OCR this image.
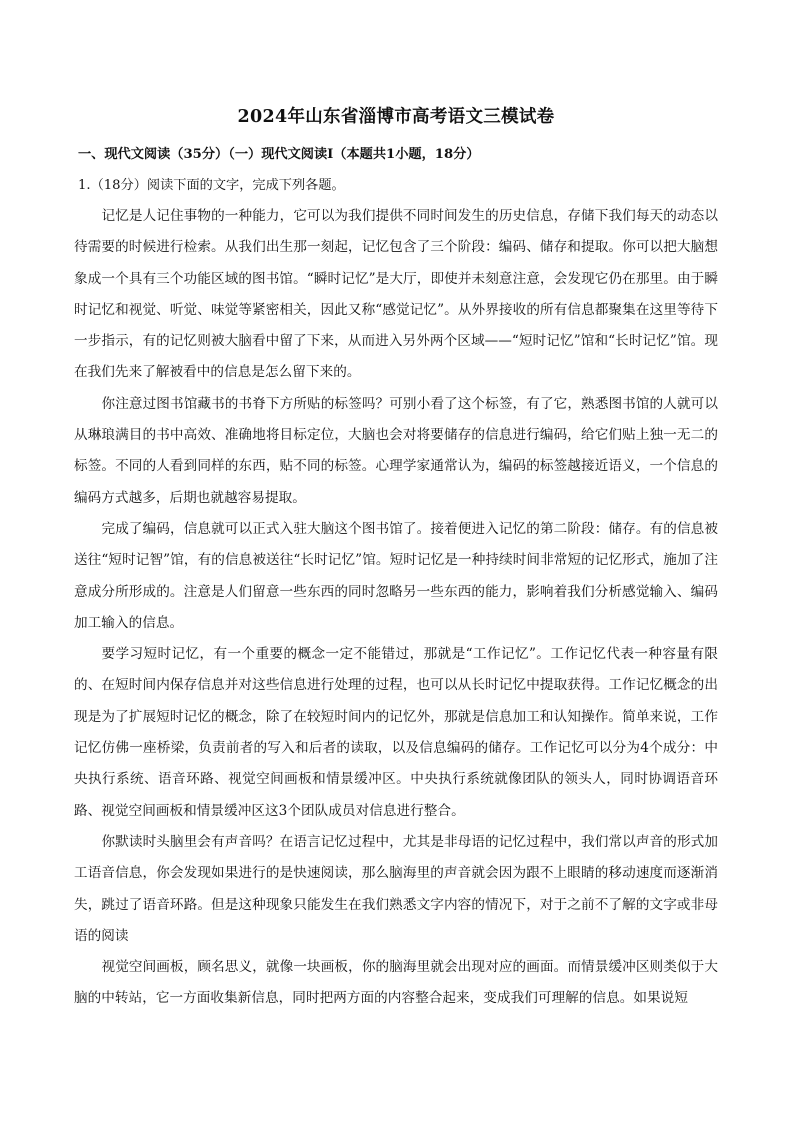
2024年山东省淄博市高考语文三模试卷
一、现代文阅读（35分）（一）现代文阅读Ⅰ（本题共1小题，18分）
1.（18分）阅读下面的文字，完成下列各题。

记忆是人记住事物的一种能力，它可以为我们提供不同时间发生的历史信息，存储下我们每天的动态以待需要的时候进行检索。从我们出生那一刻起，记忆包含了三个阶段：编码、储存和提取。你可以把大脑想象成一个具有三个功能区域的图书馆。“瞬时记忆”是大厅，即使并未刻意注意，会发现它仍在那里。由于瞬时记忆和视觉、听觉、味觉等紧密相关，因此又称“感觉记忆”。从外界接收的所有信息都聚集在这里等待下一步指示，有的记忆则被大脑看中留了下来，从而进入另外两个区域——“短时记忆”馆和“长时记忆”馆。现在我们先来了解被看中的信息是怎么留下来的。

你注意过图书馆藏书的书脊下方所贴的标签吗？可别小看了这个标签，有了它，熟悉图书馆的人就可以从琳琅满目的书中高效、准确地将目标定位，大脑也会对将要储存的信息进行编码，给它们贴上独一无二的标签。不同的人看到同样的东西，贴不同的标签。心理学家通常认为，编码的标签越接近语义，一个信息的编码方式越多，后期也就越容易提取。

完成了编码，信息就可以正式入驻大脑这个图书馆了。接着便进入记忆的第二阶段：储存。有的信息被送往“短时记智”馆，有的信息被送往“长时记忆”馆。短时记忆是一种持续时间非常短的记忆形式，施加了注意成分所形成的。注意是人们留意一些东西的同时忽略另一些东西的能力，影响着我们分析感觉输入、编码加工输入的信息。

要学习短时记忆，有一个重要的概念一定不能错过，那就是“工作记忆”。工作记忆代表一种容量有限的、在短时间内保存信息并对这些信息进行处理的过程，也可以从长时记忆中提取获得。工作记忆概念的出现是为了扩展短时记忆的概念，除了在较短时间内的记忆外，那就是信息加工和认知操作。简单来说，工作记忆仿佛一座桥梁，负责前者的写入和后者的读取，以及信息编码的储存。工作记忆可以分为4个成分：中央执行系统、语音环路、视觉空间画板和情景缓冲区。中央执行系统就像团队的领头人，同时协调语音环路、视觉空间画板和情景缓冲区这3个团队成员对信息进行整合。

你默读时头脑里会有声音吗？在语言记忆过程中，尤其是非母语的记忆过程中，我们常以声音的形式加工语音信息，你会发现如果进行的是快速阅读，那么脑海里的声音就会因为跟不上眼睛的移动速度而逐渐消失，跳过了语音环路。但是这种现象只能发生在我们熟悉文字内容的情况下，对于之前不了解的文字或非母语的阅读

视觉空间画板，顾名思义，就像一块画板，你的脑海里就会出现对应的画面。而情景缓冲区则类似于大脑的中转站，它一方面收集新信息，同时把两方面的内容整合起来，变成我们可理解的信息。如果说短
